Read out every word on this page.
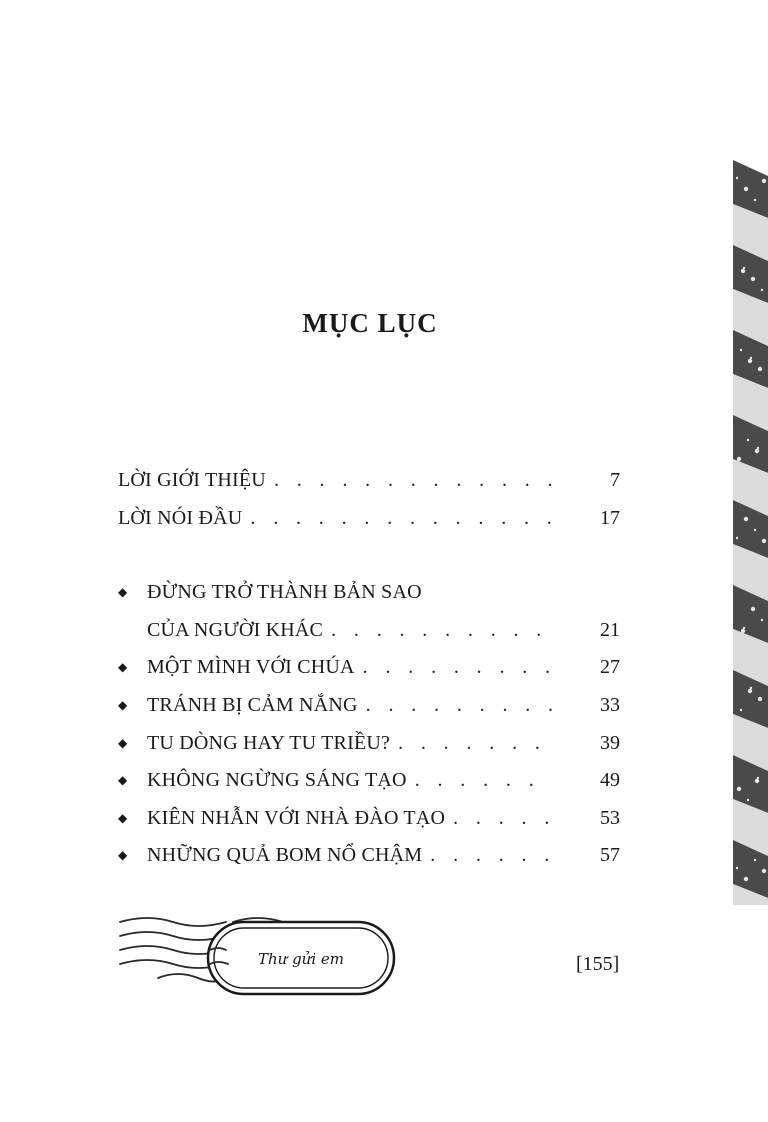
MỤC LỤC
LỜI GIỚI THIỆU . . .	7
LỜI NÓI ĐẦU . . .	17
◆ ĐỪNG TRỞ THÀNH BẢN SAO
CỦA NGƯỜI KHÁC . . .	21
◆ MỘT MÌNH VỚI CHÚA . . .	27
◆ TRÁNH BỊ CẢM NẮNG . . .	33
◆ TU DÒNG HAY TU TRIỀU? . . .	39
◆ KHÔNG NGỪNG SÁNG TẠO . . .	49
◆ KIÊN NHẪN VỚI NHÀ ĐÀO TẠO . . .	53
◆ NHỮNG QUẢ BOM NỔ CHẬM . . .	57
Thư gửi em	[155]
